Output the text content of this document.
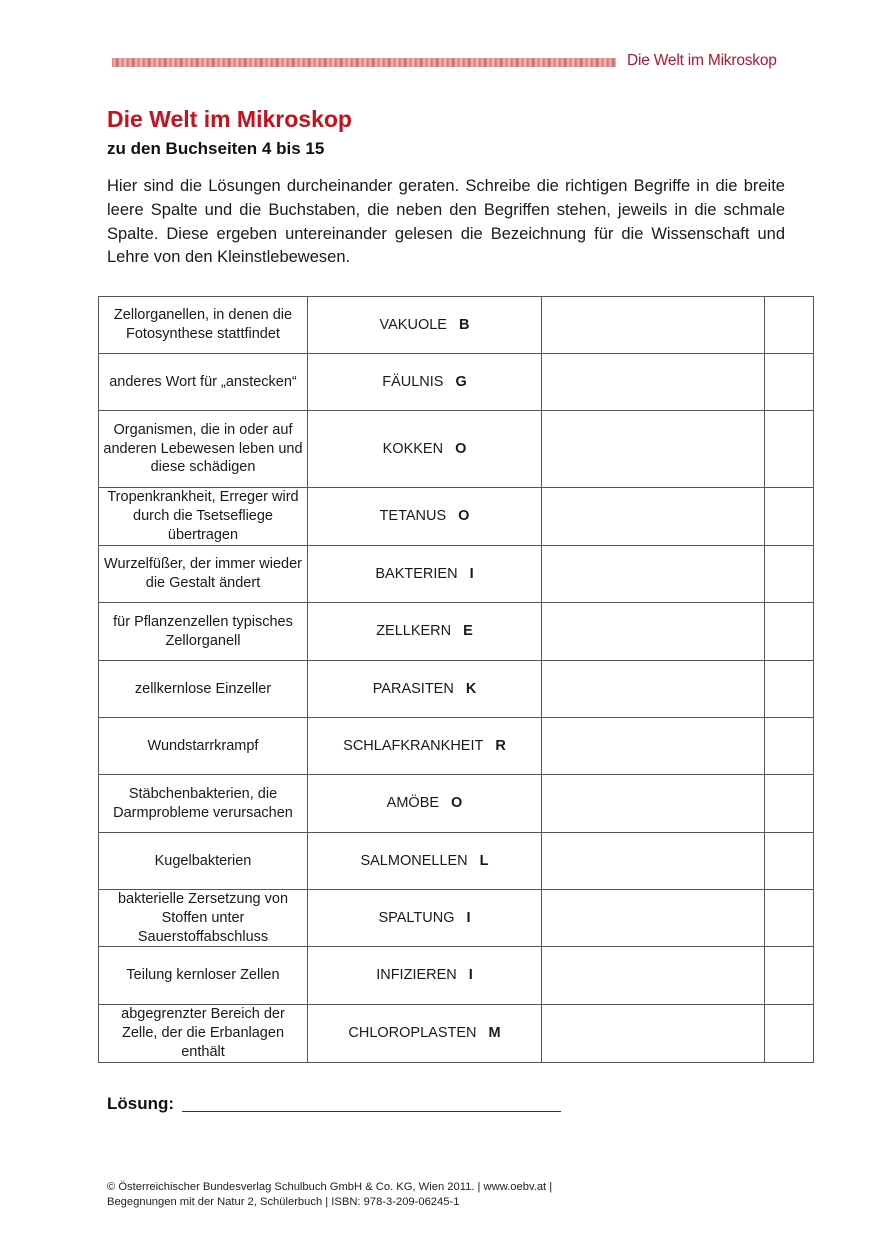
Die Welt im Mikroskop
Die Welt im Mikroskop
zu den Buchseiten 4 bis 15

Hier sind die Lösungen durcheinander geraten. Schreibe die richtigen Begriffe in die breite leere Spalte und die Buchstaben, die neben den Begriffen stehen, jeweils in die schmale Spalte. Diese ergeben untereinander gelesen die Bezeichnung für die Wissenschaft und Lehre von den Kleinstlebewesen.

Zellorganellen, in denen die Fotosynthese stattfindet	VAKUOLE B		
anderes Wort für „anstecken“	FÄULNIS G		
Organismen, die in oder auf anderen Lebewesen leben und diese schädigen	KOKKEN O		
Tropenkrankheit, Erreger wird durch die Tsetsefliege übertragen	TETANUS O		
Wurzelfüßer, der immer wieder die Gestalt ändert	BAKTERIEN I		
für Pflanzenzellen typisches Zellorganell	ZELLKERN E		
zellkernlose Einzeller	PARASITEN K		
Wundstarrkrampf	SCHLAFKRANKHEIT R		
Stäbchenbakterien, die Darmprobleme verursachen	AMÖBE O		
Kugelbakterien	SALMONELLEN L		
bakterielle Zersetzung von Stoffen unter Sauerstoffabschluss	SPALTUNG I		
Teilung kernloser Zellen	INFIZIEREN I		
abgegrenzter Bereich der Zelle, der die Erbanlagen enthält	CHLOROPLASTEN M		
Lösung:
© Österreichischer Bundesverlag Schulbuch GmbH & Co. KG, Wien 2011. | www.oebv.at |
Begegnungen mit der Natur 2, Schülerbuch | ISBN: 978-3-209-06245-1
